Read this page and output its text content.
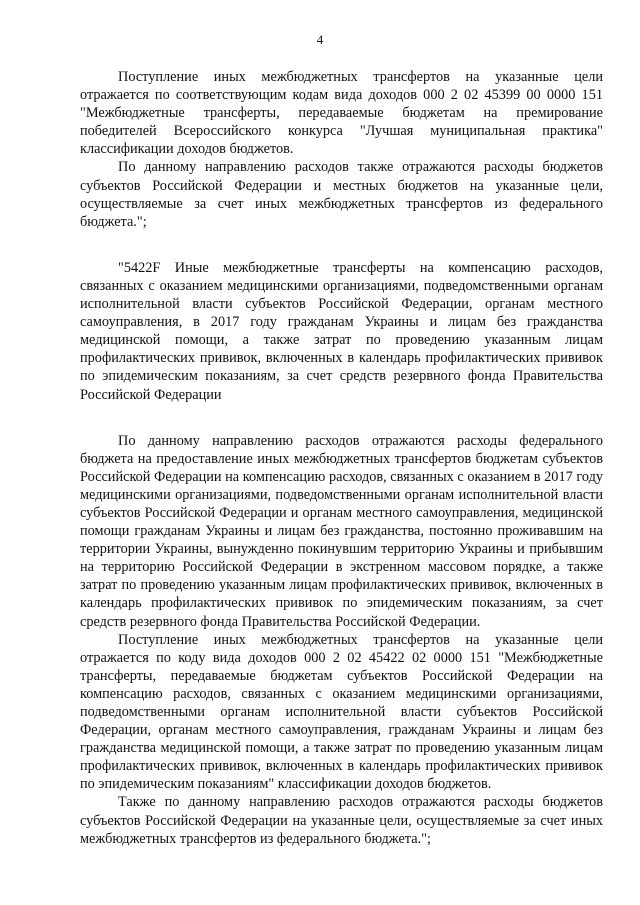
4

Поступление иных межбюджетных трансфертов на указанные цели отражается по соответствующим кодам вида доходов 000 2 02 45399 00 0000 151 "Межбюджетные трансферты, передаваемые бюджетам на премирование победителей Всероссийского конкурса "Лучшая муниципальная практика" классификации доходов бюджетов.

По данному направлению расходов также отражаются расходы бюджетов субъектов Российской Федерации и местных бюджетов на указанные цели, осуществляемые за счет иных межбюджетных трансфертов из федерального бюджета.";

"5422F Иные межбюджетные трансферты на компенсацию расходов, связанных с оказанием медицинскими организациями, подведомственными органам исполнительной власти субъектов Российской Федерации, органам местного самоуправления, в 2017 году гражданам Украины и лицам без гражданства медицинской помощи, а также затрат по проведению указанным лицам профилактических прививок, включенных в календарь профилактических прививок по эпидемическим показаниям, за счет средств резервного фонда Правительства Российской Федерации

По данному направлению расходов отражаются расходы федерального бюджета на предоставление иных межбюджетных трансфертов бюджетам субъектов Российской Федерации на компенсацию расходов, связанных с оказанием в 2017 году медицинскими организациями, подведомственными органам исполнительной власти субъектов Российской Федерации и органам местного самоуправления, медицинской помощи гражданам Украины и лицам без гражданства, постоянно проживавшим на территории Украины, вынужденно покинувшим территорию Украины и прибывшим на территорию Российской Федерации в экстренном массовом порядке, а также затрат по проведению указанным лицам профилактических прививок, включенных в календарь профилактических прививок по эпидемическим показаниям, за счет средств резервного фонда Правительства Российской Федерации.

Поступление иных межбюджетных трансфертов на указанные цели отражается по коду вида доходов 000 2 02 45422 02 0000 151 "Межбюджетные трансферты, передаваемые бюджетам субъектов Российской Федерации на компенсацию расходов, связанных с оказанием медицинскими организациями, подведомственными органам исполнительной власти субъектов Российской Федерации, органам местного самоуправления, гражданам Украины и лицам без гражданства медицинской помощи, а также затрат по проведению указанным лицам профилактических прививок, включенных в календарь профилактических прививок по эпидемическим показаниям" классификации доходов бюджетов.

Также по данному направлению расходов отражаются расходы бюджетов субъектов Российской Федерации на указанные цели, осуществляемые за счет иных межбюджетных трансфертов из федерального бюджета.";
